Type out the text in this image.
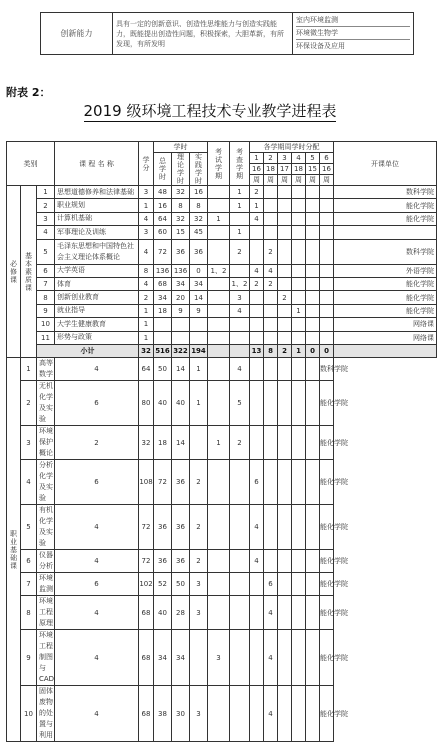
创新能力	具有一定的创新意识、创造性思维能力与创造实践能力，既能提出创造性问题，积极探索，大胆革新，有所发现，有所发明	
室内环境监测
环境微生物学
环保设备及应用
附表 2：
2019 级环境工程技术专业教学进程表
类别			课 程 名 称	学分	学时			考试学期	考查学期	各学期周学时分配						开课单位
					总学时	理论学时	实践学时			1	2	3	4	5	6	
										16	18	17	18	15	16	
										周	周	周	周	周	周	
必修课	基本素质课	1	思想道德修养和法律基础	3	48	32	16		1	2						数科学院
		2	职业规划	1	16	8	8		1	1						能化学院
		3	计算机基础	4	64	32	32	1		4						能化学院
		4	军事理论及训练	3	60	15	45		1							
		5	毛泽东思想和中国特色社会主义理论体系概论	4	72	36	36		2		2					数科学院
		6	大学英语	8	136	136	0	1、2		4	4					外语学院
		7	体育	4	68	34	34		1、2	2	2					能化学院
		8	创新创业教育	2	34	20	14		3			2				能化学院
		9	就业指导	1	18	9	9		4				1			能化学院
		10	大学生健康教育	1												网络课
		11	形势与政策	1												网络课
		小计		32	516	322	194			13	8	2	1	0	0	
职业基础课	1	高等数学	4	64	50	14	1		4						数科学院	
	2	无机化学及实验	6	80	40	40	1		5						能化学院	
	3	环境保护概论	2	32	18	14		1	2						能化学院	
	4	分析化学及实验	6	108	72	36	2			6					能化学院	
	5	有机化学及实验	4	72	36	36	2			4					能化学院	
	6	仪器分析	4	72	36	36	2			4					能化学院	
	7	环境监测	6	102	52	50	3				6				能化学院	
	8	环境工程原理	4	68	40	28	3				4				能化学院	
	9	环境工程制图与 CAD	4	68	34	34		3			4				能化学院	
	10	固体废物的处置与利用	4	68	38	30	3				4				能化学院	
